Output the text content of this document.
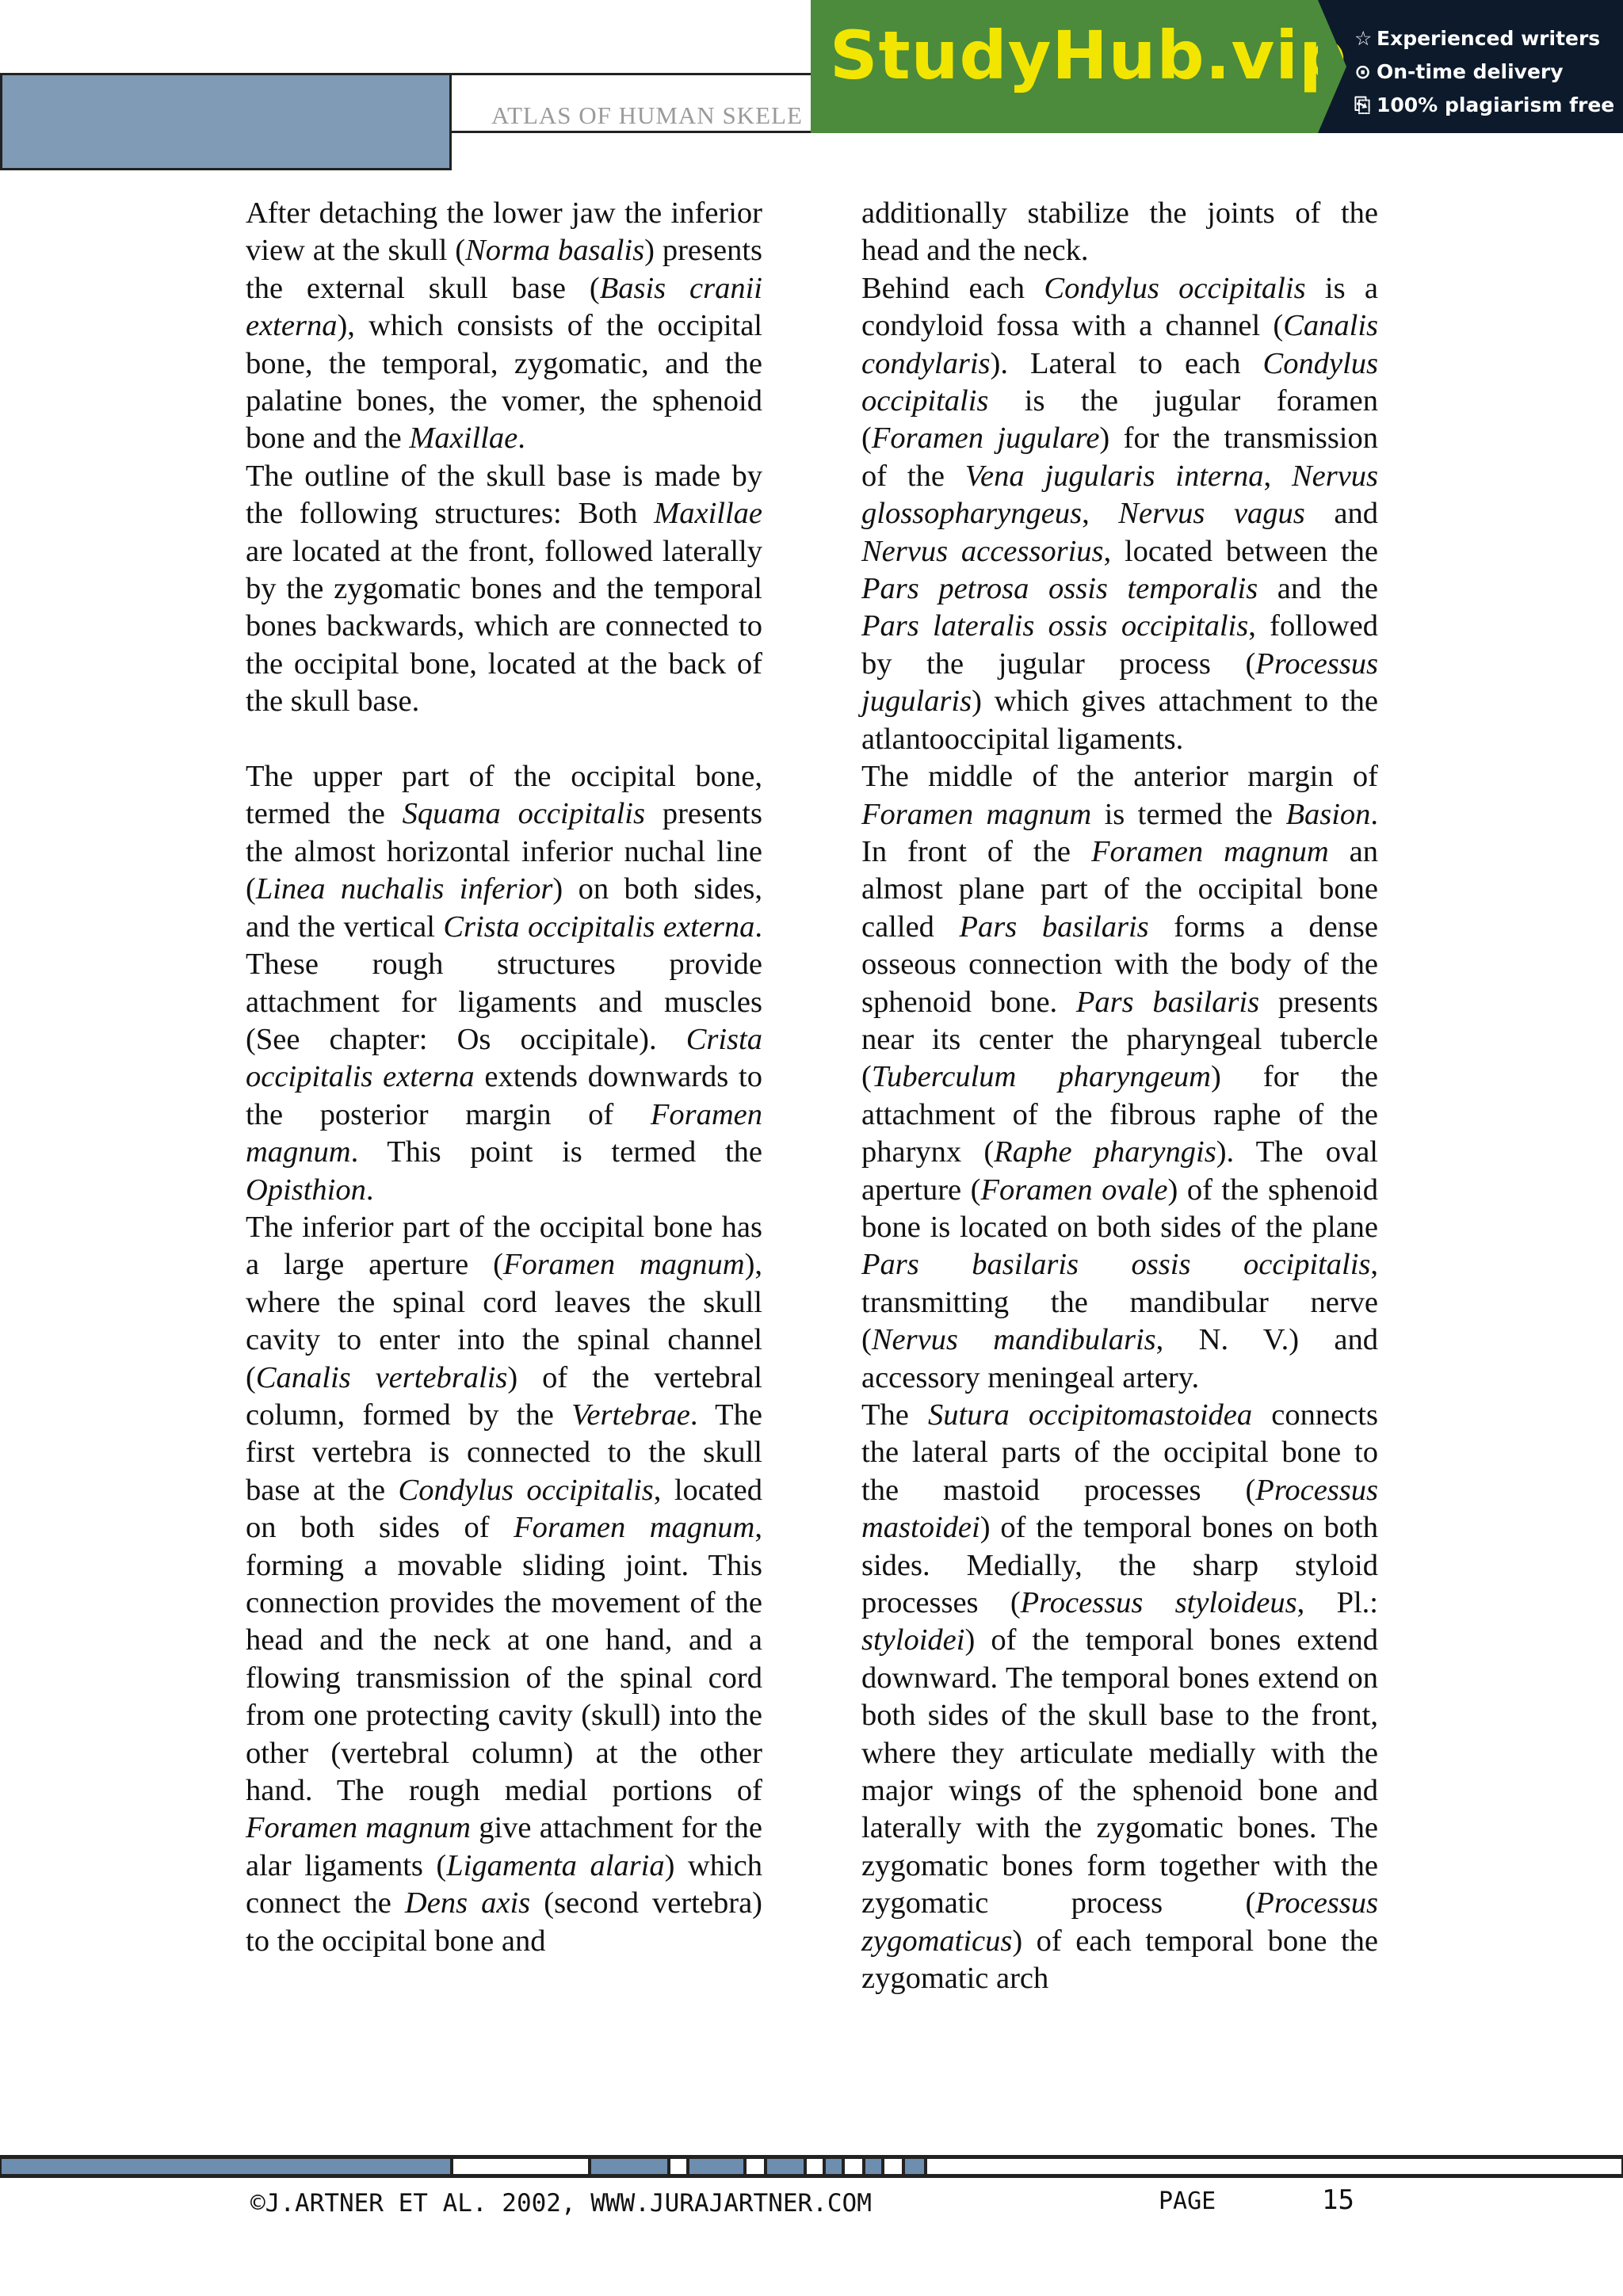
ATLAS OF HUMAN SKELE
StudyHub.vip ☆ Experienced writers
⊙ On-time delivery
⎘ 100% plagiarism free

After detaching the lower jaw the inferior view at the skull (Norma basalis) presents the external skull base (Basis cranii externa), which consists of the occipital bone, the temporal, zygomatic, and the palatine bones, the vomer, the sphenoid bone and the Maxillae.

The outline of the skull base is made by the following structures: Both Maxillae are located at the front, followed laterally by the zygomatic bones and the temporal bones backwards, which are connected to the occipital bone, located at the back of the skull base.

The upper part of the occipital bone, termed the Squama occipitalis presents the almost horizontal inferior nuchal line (Linea nuchalis inferior) on both sides, and the vertical Crista occipitalis externa. These rough structures provide attachment for ligaments and muscles (See chapter: Os occipitale). Crista occipitalis externa extends downwards to the posterior margin of Foramen magnum. This point is termed the Opisthion.

The inferior part of the occipital bone has a large aperture (Foramen magnum), where the spinal cord leaves the skull cavity to enter into the spinal channel (Canalis vertebralis) of the vertebral column, formed by the Vertebrae. The first vertebra is connected to the skull base at the Condylus occipitalis, located on both sides of Foramen magnum, forming a movable sliding joint. This connection provides the movement of the head and the neck at one hand, and a flowing transmission of the spinal cord from one protecting cavity (skull) into the other (vertebral column) at the other hand. The rough medial portions of Foramen magnum give attachment for the alar ligaments (Ligamenta alaria) which connect the Dens axis (second vertebra) to the occipital bone and

additionally stabilize the joints of the head and the neck.

Behind each Condylus occipitalis is a condyloid fossa with a channel (Canalis condylaris). Lateral to each Condylus occipitalis is the jugular foramen (Foramen jugulare) for the transmission of the Vena jugularis interna, Nervus glossopharyngeus, Nervus vagus and Nervus accessorius, located between the Pars petrosa ossis temporalis and the Pars lateralis ossis occipitalis, followed by the jugular process (Processus jugularis) which gives attachment to the atlantooccipital ligaments.

The middle of the anterior margin of Foramen magnum is termed the Basion. In front of the Foramen magnum an almost plane part of the occipital bone called Pars basilaris forms a dense osseous connection with the body of the sphenoid bone. Pars basilaris presents near its center the pharyngeal tubercle (Tuberculum pharyngeum) for the attachment of the fibrous raphe of the pharynx (Raphe pharyngis). The oval aperture (Foramen ovale) of the sphenoid bone is located on both sides of the plane Pars basilaris ossis occipitalis, transmitting the mandibular nerve (Nervus mandibularis, N. V.) and accessory meningeal artery.

The Sutura occipitomastoidea connects the lateral parts of the occipital bone to the mastoid processes (Processus mastoidei) of the temporal bones on both sides. Medially, the sharp styloid processes (Processus styloideus, Pl.: styloidei) of the temporal bones extend downward. The temporal bones extend on both sides of the skull base to the front, where they articulate medially with the major wings of the sphenoid bone and laterally with the zygomatic bones. The zygomatic bones form together with the zygomatic process (Processus zygomaticus) of each temporal bone the zygomatic arch

©J.ARTNER ET AL. 2002, WWW.JURAJARTNER.COM	PAGE	15
